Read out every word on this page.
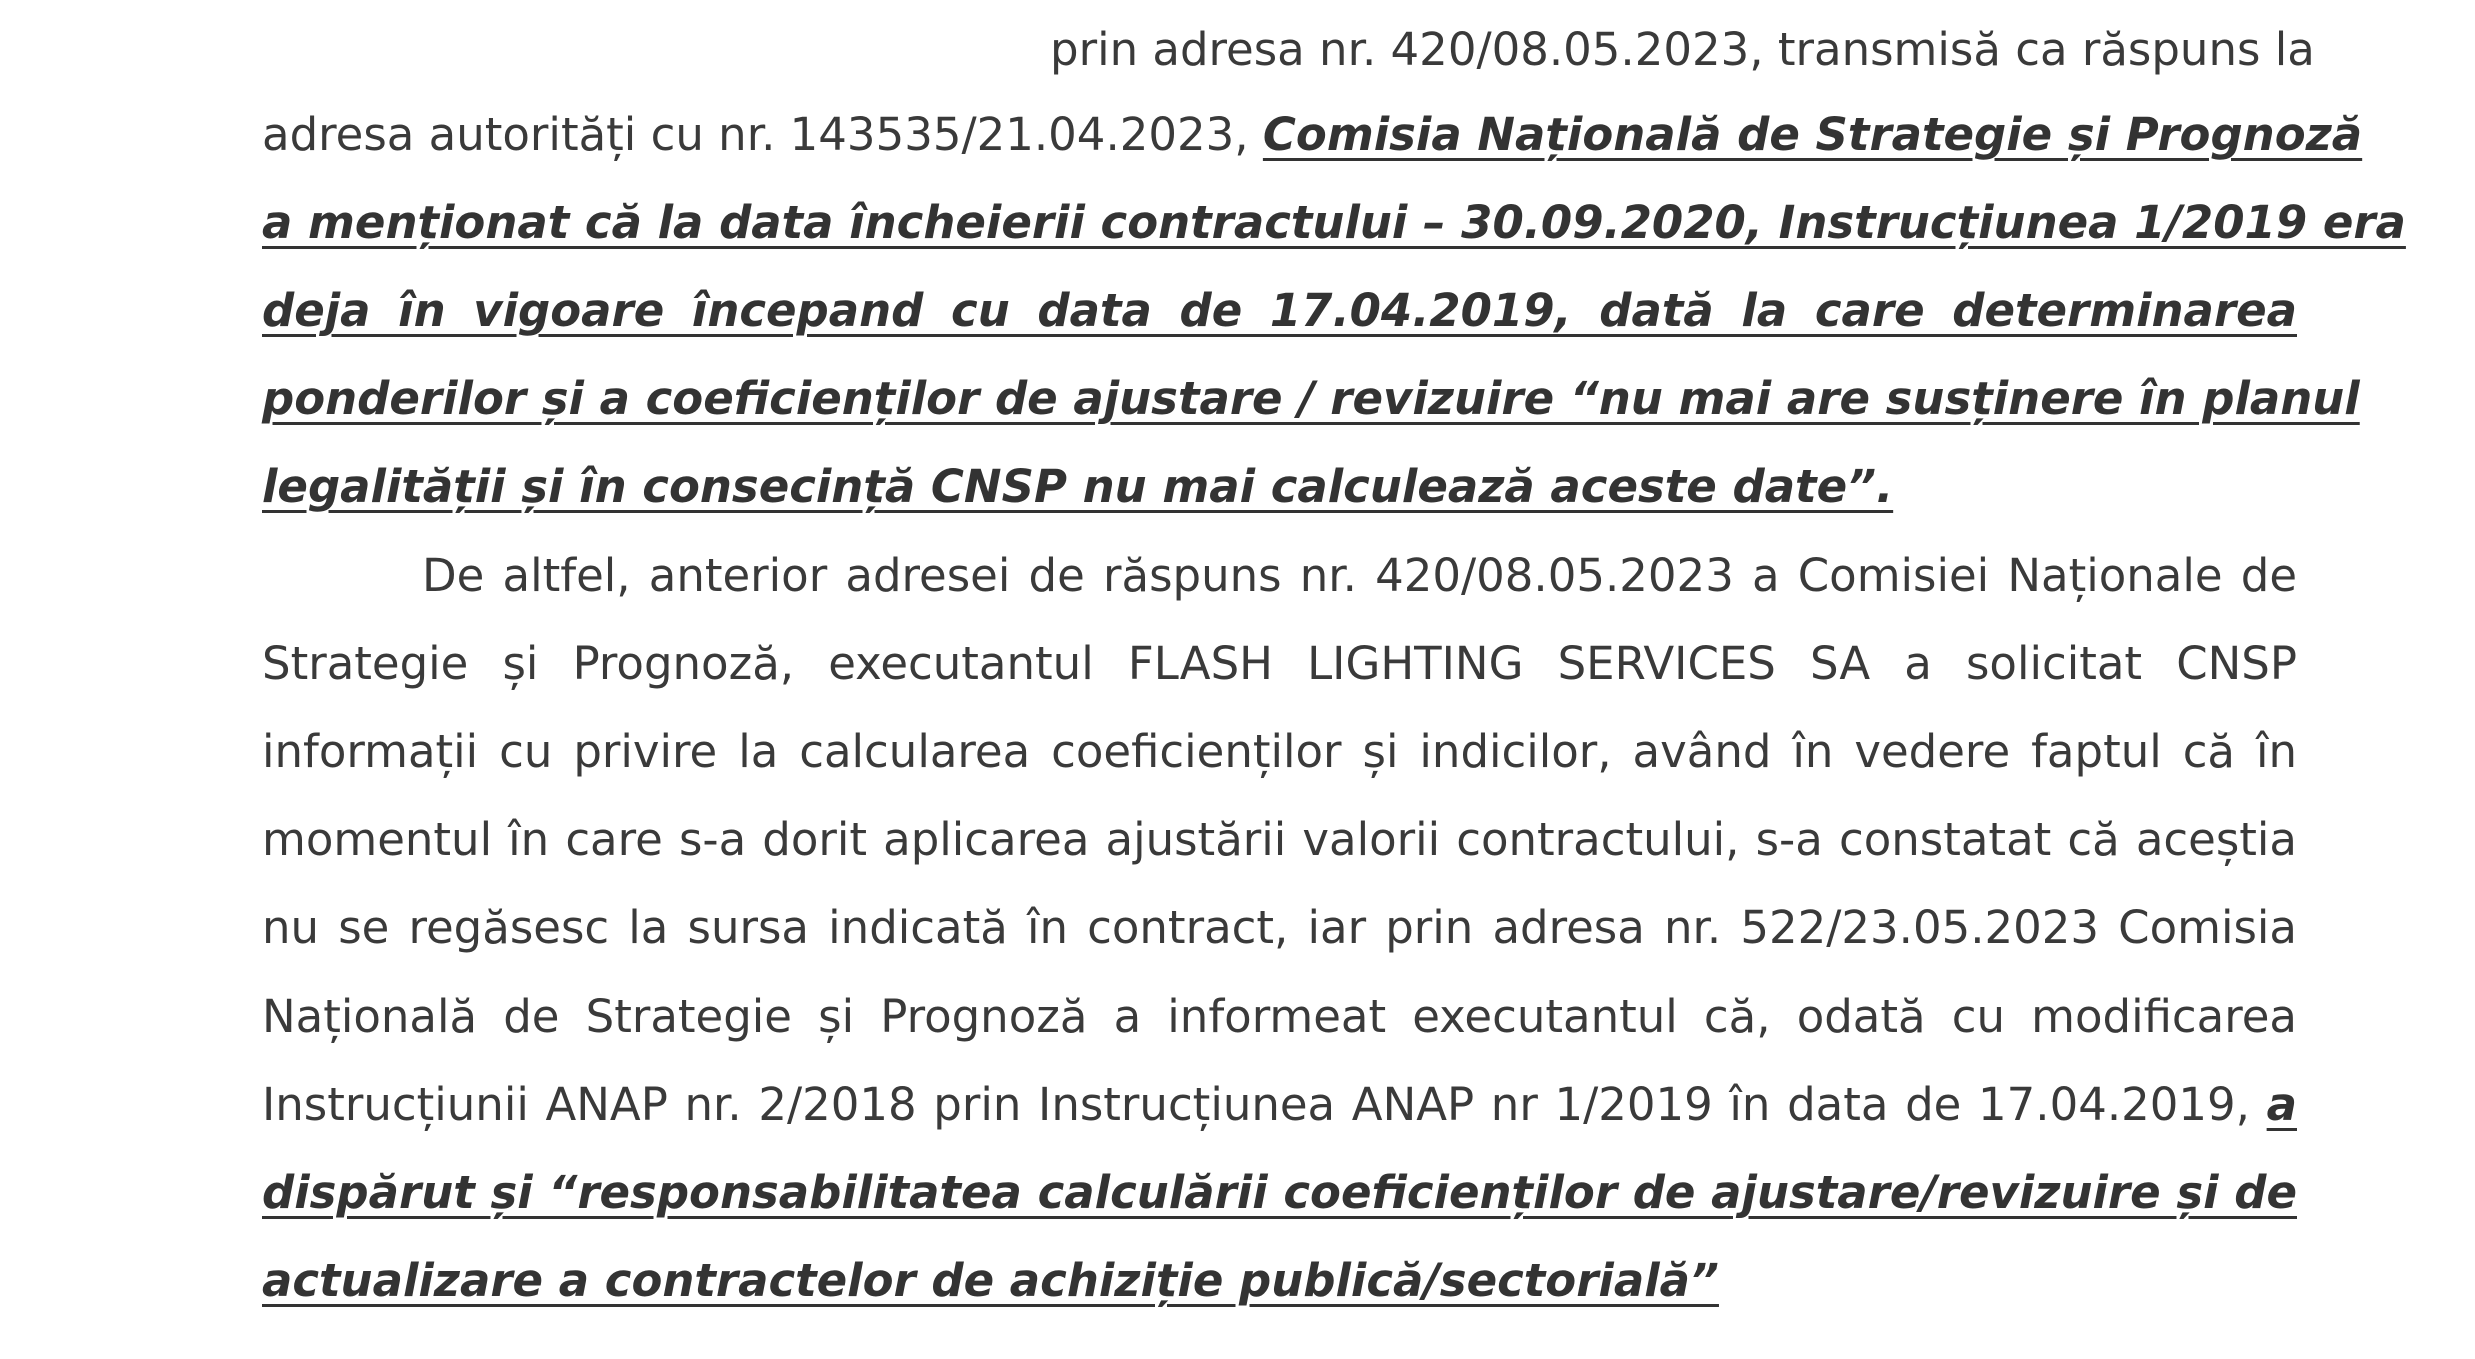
prin adresa nr. 420/08.05.2023, transmisă ca răspuns la
adresa autorități cu nr. 143535/21.04.2023, Comisia Națională de Strategie și Prognoză
a menționat că la data încheierii contractului – 30.09.2020, Instrucțiunea 1/2019 era
deja în vigoare începand cu data de 17.04.2019, dată la care determinarea
ponderilor și a coeficienților de ajustare / revizuire “nu mai are susținere în planul
legalității și în consecință CNSP nu mai calculează aceste date”.
De altfel, anterior adresei de răspuns nr. 420/08.05.2023 a Comisiei Naționale de
Strategie și Prognoză, executantul FLASH LIGHTING SERVICES SA a solicitat CNSP
informații cu privire la calcularea coeficienților și indicilor, având în vedere faptul că în
momentul în care s-a dorit aplicarea ajustării valorii contractului, s-a constatat că aceștia
nu se regăsesc la sursa indicată în contract, iar prin adresa nr. 522/23.05.2023 Comisia
Națională de Strategie și Prognoză a informeat executantul că, odată cu modificarea
Instrucțiunii ANAP nr. 2/2018 prin Instrucțiunea ANAP nr 1/2019 în data de 17.04.2019, a
dispărut și “responsabilitatea calculării coeficienților de ajustare/revizuire și de
actualizare a contractelor de achiziție publică/sectorială”
